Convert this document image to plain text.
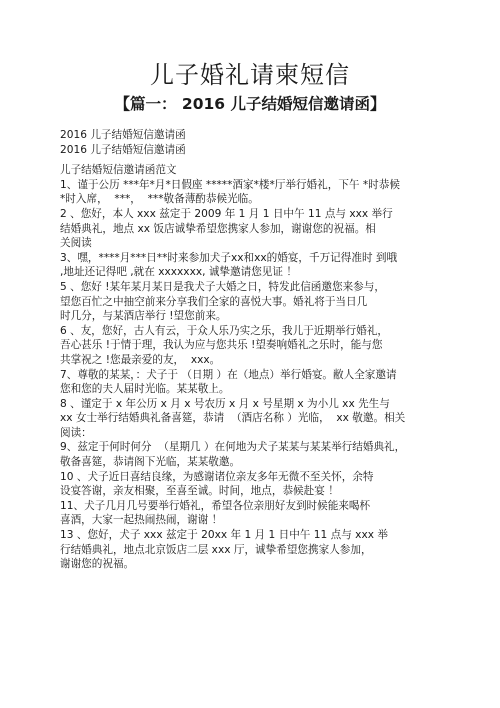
儿子婚礼请柬短信
【篇一： 2016 儿子结婚短信邀请函】
2016 儿子结婚短信邀请函
2016 儿子结婚短信邀请函
儿子结婚短信邀请函范文
1、谨于公历 ***年*月*日假座 *****酒家*楼*厅举行婚礼，下午 *时恭候
*时入席，  ***，  ***敬备薄酌恭候光临。
2 、您好，本人 xxx 兹定于 2009 年 1 月 1 日中午 11 点与 xxx 举行
结婚典礼，地点 xx 饭店诚挚希望您携家人参加，谢谢您的祝福。相
关阅读
3、嘿，****月***日**时来参加犬子xx和xx的婚宴，千万记得准时 到哦
,地址还记得吧 ,就在 xxxxxxx, 诚挚邀请您见证 ！
5 、您好 !某年某月某日是我犬子大婚之日，特发此信函邀您来参与，
望您百忙之中抽空前来分享我们全家的喜悦大事。婚礼将于当日几
时几分，与某酒店举行 !望您前来。
6 、友，您好，古人有云，于众人乐乃实之乐，我儿于近期举行婚礼，
吾心甚乐 !于情于理，我认为应与您共乐 !望奏响婚礼之乐时，能与您
共掌祝之 !您最亲爱的友，  xxx。
7、尊敬的某某，：犬子于 （日期 ）在（地点）举行婚宴。敝人全家邀请
您和您的夫人届时光临。某某敬上。
8 、谨定于 x 年公历 x 月 x 号农历 x 月 x 号星期 x 为小儿 xx 先生与
xx 女士举行结婚典礼备喜筵，恭请  （酒店名称 ）光临，  xx 敬邀。相关
阅读：
9、兹定于何时何分  （星期几 ）在何地为犬子某某与某某举行结婚典礼，
敬备喜筵，恭请阁下光临，某某敬邀。
10 、犬子近日喜结良缘，为感谢诸位亲友多年无微不至关怀，余特
设宴答谢，亲友相聚，至喜至诚。时间，地点，恭候赴宴 ！
11、犬子几月几号要举行婚礼，希望各位亲朋好友到时候能来喝杯
喜酒，大家一起热闹热闹，谢谢 ！
13 、您好，犬子 xxx 兹定于 20xx 年 1 月 1 日中午 11 点与 xxx 举
行结婚典礼，地点北京饭店二层 xxx 厅，诚挚希望您携家人参加，
谢谢您的祝福。
